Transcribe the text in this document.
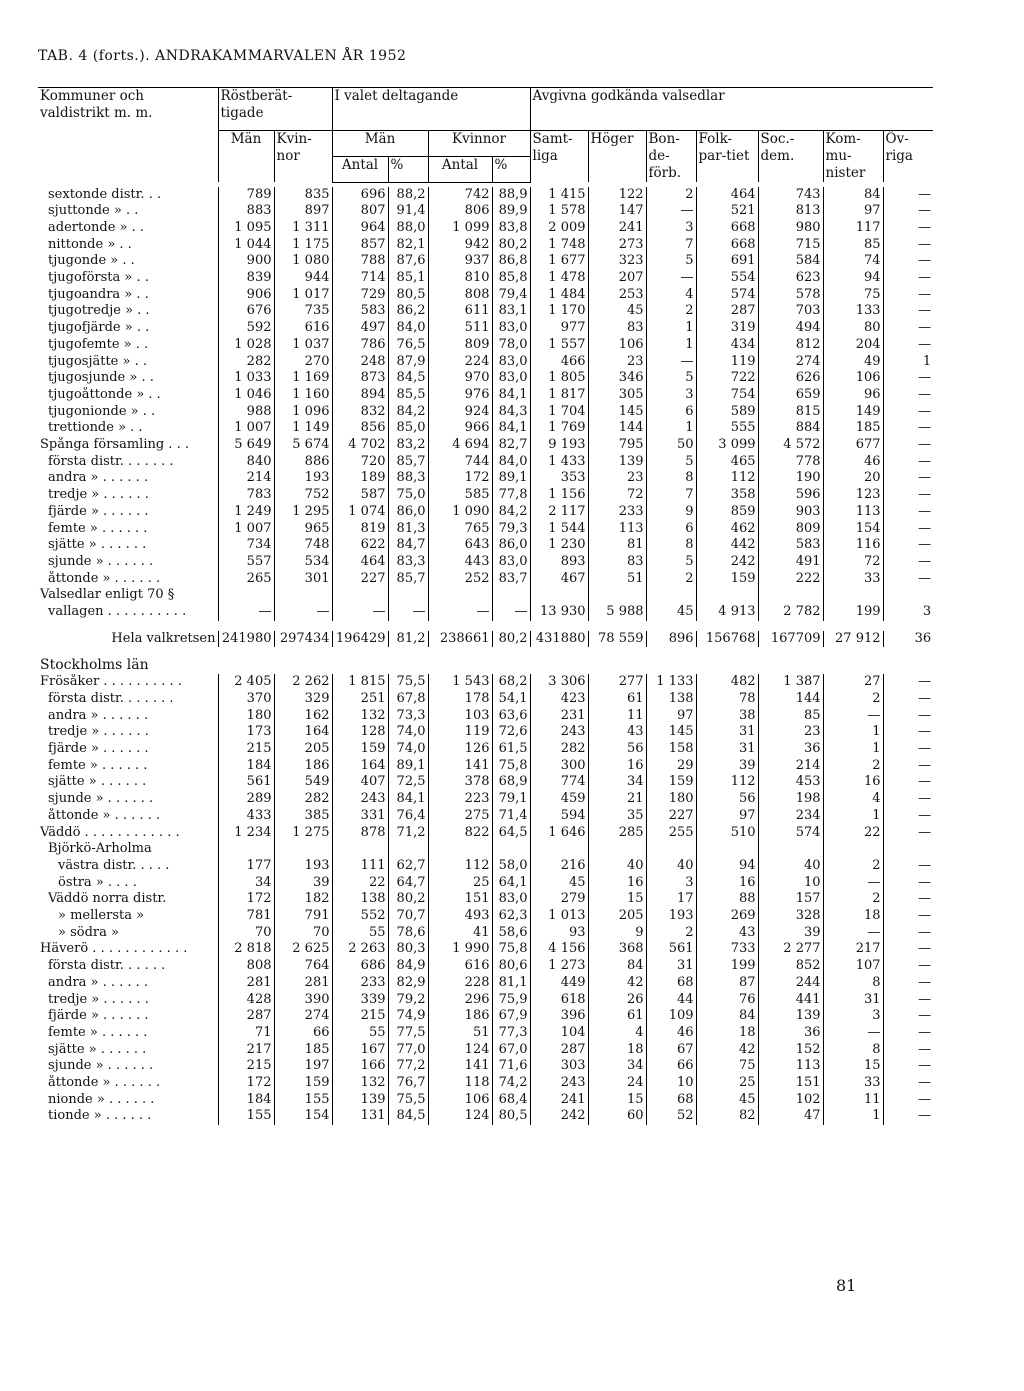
TAB. 4 (forts.). ANDRAKAMMARVALEN ÅR 1952
Kommuner och valdistrikt m. m.	Röstberät-tigade		I valet deltagande				Avgivna godkända valsedlar						
	Män	Kvin-nor	Män		Kvinnor		Samt-liga	Höger	Bon-de-förb.	Folk-par-tiet	Soc.-dem.	Kom-mu-nister	Öv-riga
			Antal	%	Antal	%							

sextonde distr. . .	789	835	696	88,2	742	88,9	1 415	122	2	464	743	84	—
sjuttonde » . .	883	897	807	91,4	806	89,9	1 578	147	—	521	813	97	—
adertonde » . .	1 095	1 311	964	88,0	1 099	83,8	2 009	241	3	668	980	117	—
nittonde » . .	1 044	1 175	857	82,1	942	80,2	1 748	273	7	668	715	85	—
tjugonde » . .	900	1 080	788	87,6	937	86,8	1 677	323	5	691	584	74	—
tjugoförsta » . .	839	944	714	85,1	810	85,8	1 478	207	—	554	623	94	—
tjugoandra » . .	906	1 017	729	80,5	808	79,4	1 484	253	4	574	578	75	—
tjugotredje » . .	676	735	583	86,2	611	83,1	1 170	45	2	287	703	133	—
tjugofjärde » . .	592	616	497	84,0	511	83,0	977	83	1	319	494	80	—
tjugofemte » . .	1 028	1 037	786	76,5	809	78,0	1 557	106	1	434	812	204	—
tjugosjätte » . .	282	270	248	87,9	224	83,0	466	23	—	119	274	49	1
tjugosjunde » . .	1 033	1 169	873	84,5	970	83,0	1 805	346	5	722	626	106	—
tjugoåttonde » . .	1 046	1 160	894	85,5	976	84,1	1 817	305	3	754	659	96	—
tjugonionde » . .	988	1 096	832	84,2	924	84,3	1 704	145	6	589	815	149	—
trettionde » . .	1 007	1 149	856	85,0	966	84,1	1 769	144	1	555	884	185	—
Spånga församling . . .	5 649	5 674	4 702	83,2	4 694	82,7	9 193	795	50	3 099	4 572	677	—
första distr. . . . . . .	840	886	720	85,7	744	84,0	1 433	139	5	465	778	46	—
andra » . . . . . .	214	193	189	88,3	172	89,1	353	23	8	112	190	20	—
tredje » . . . . . .	783	752	587	75,0	585	77,8	1 156	72	7	358	596	123	—
fjärde » . . . . . .	1 249	1 295	1 074	86,0	1 090	84,2	2 117	233	9	859	903	113	—
femte » . . . . . .	1 007	965	819	81,3	765	79,3	1 544	113	6	462	809	154	—
sjätte » . . . . . .	734	748	622	84,7	643	86,0	1 230	81	8	442	583	116	—
sjunde » . . . . . .	557	534	464	83,3	443	83,0	893	83	5	242	491	72	—
åttonde » . . . . . .	265	301	227	85,7	252	83,7	467	51	2	159	222	33	—
Valsedlar enligt 70 §													
vallagen . . . . . . . . . .	—	—	—	—	—	—	13 930	5 988	45	4 913	2 782	199	3

Hela valkretsen	241980	297434	196429	81,2	238661	80,2	431880	78 559	896	156768	167709	27 912	36

Stockholms län													
Frösåker . . . . . . . . . .	2 405	2 262	1 815	75,5	1 543	68,2	3 306	277	1 133	482	1 387	27	—
första distr. . . . . . .	370	329	251	67,8	178	54,1	423	61	138	78	144	2	—
andra » . . . . . .	180	162	132	73,3	103	63,6	231	11	97	38	85	—	—
tredje » . . . . . .	173	164	128	74,0	119	72,6	243	43	145	31	23	1	—
fjärde » . . . . . .	215	205	159	74,0	126	61,5	282	56	158	31	36	1	—
femte » . . . . . .	184	186	164	89,1	141	75,8	300	16	29	39	214	2	—
sjätte » . . . . . .	561	549	407	72,5	378	68,9	774	34	159	112	453	16	—
sjunde » . . . . . .	289	282	243	84,1	223	79,1	459	21	180	56	198	4	—
åttonde » . . . . . .	433	385	331	76,4	275	71,4	594	35	227	97	234	1	—
Väddö . . . . . . . . . . . .	1 234	1 275	878	71,2	822	64,5	1 646	285	255	510	574	22	—
Björkö-Arholma													
västra distr. . . . .	177	193	111	62,7	112	58,0	216	40	40	94	40	2	—
östra » . . . .	34	39	22	64,7	25	64,1	45	16	3	16	10	—	—
Väddö norra distr.	172	182	138	80,2	151	83,0	279	15	17	88	157	2	—
» mellersta »	781	791	552	70,7	493	62,3	1 013	205	193	269	328	18	—
» södra »	70	70	55	78,6	41	58,6	93	9	2	43	39	—	—
Häverö . . . . . . . . . . . .	2 818	2 625	2 263	80,3	1 990	75,8	4 156	368	561	733	2 277	217	—
första distr. . . . . .	808	764	686	84,9	616	80,6	1 273	84	31	199	852	107	—
andra » . . . . . .	281	281	233	82,9	228	81,1	449	42	68	87	244	8	—
tredje » . . . . . .	428	390	339	79,2	296	75,9	618	26	44	76	441	31	—
fjärde » . . . . . .	287	274	215	74,9	186	67,9	396	61	109	84	139	3	—
femte » . . . . . .	71	66	55	77,5	51	77,3	104	4	46	18	36	—	—
sjätte » . . . . . .	217	185	167	77,0	124	67,0	287	18	67	42	152	8	—
sjunde » . . . . . .	215	197	166	77,2	141	71,6	303	34	66	75	113	15	—
åttonde » . . . . . .	172	159	132	76,7	118	74,2	243	24	10	25	151	33	—
nionde » . . . . . .	184	155	139	75,5	106	68,4	241	15	68	45	102	11	—
tionde » . . . . . .	155	154	131	84,5	124	80,5	242	60	52	82	47	1	—
81
